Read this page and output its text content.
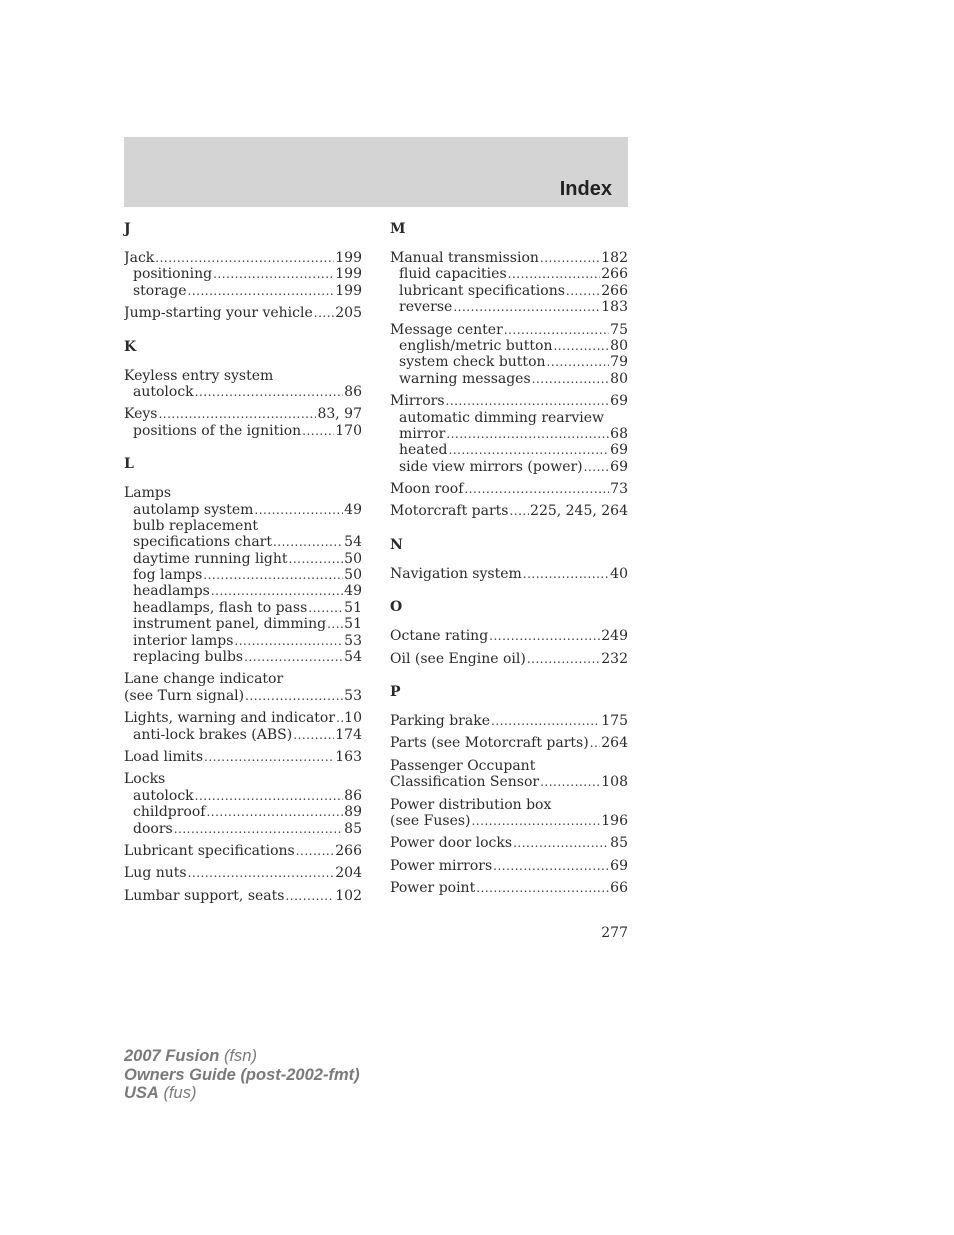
Index
J
Jack .....	199
positioning .....	199
storage .....	199
Jump-starting your vehicle ..... 205
K
Keyless entry system
autolock .....	86
Keys .....	83, 97
positions of the ignition ..... 170
L
Lamps
autolamp system .....	49
bulb replacement
specifications chart .....	54
daytime running light .....	50
fog lamps .....	50
headlamps .....	49
headlamps, flash to pass .....	51
instrument panel, dimming ..... 51
interior lamps .....	53
replacing bulbs .....	54
Lane change indicator
(see Turn signal) .....	53
Lights, warning and indicator ..... 10
anti-lock brakes (ABS) .....	174
Load limits .....	163
Locks
autolock .....	86
childproof .....	89
doors .....	85
Lubricant specifications .....	266
Lug nuts .....	204
Lumbar support, seats .....	102
M
Manual transmission .....	182
fluid capacities .....	266
lubricant specifications .....	266
reverse .....	183
Message center .....	75
english/metric button .....	80
system check button .....	79
warning messages .....	80
Mirrors .....	69
automatic dimming rearview
mirror .....	68
heated .....	69
side view mirrors (power) ..... 69
Moon roof .....	73
Motorcraft parts ..... 225, 245, 264
N
Navigation system .....	40
O
Octane rating .....	249
Oil (see Engine oil) .....	232
P
Parking brake .....	175
Parts (see Motorcraft parts) ..... 264
Passenger Occupant
Classification Sensor .....	108
Power distribution box
(see Fuses) .....	196
Power door locks .....	85
Power mirrors .....	69
Power point .....	66
277
2007 Fusion (fsn)
Owners Guide (post-2002-fmt)
USA (fus)
